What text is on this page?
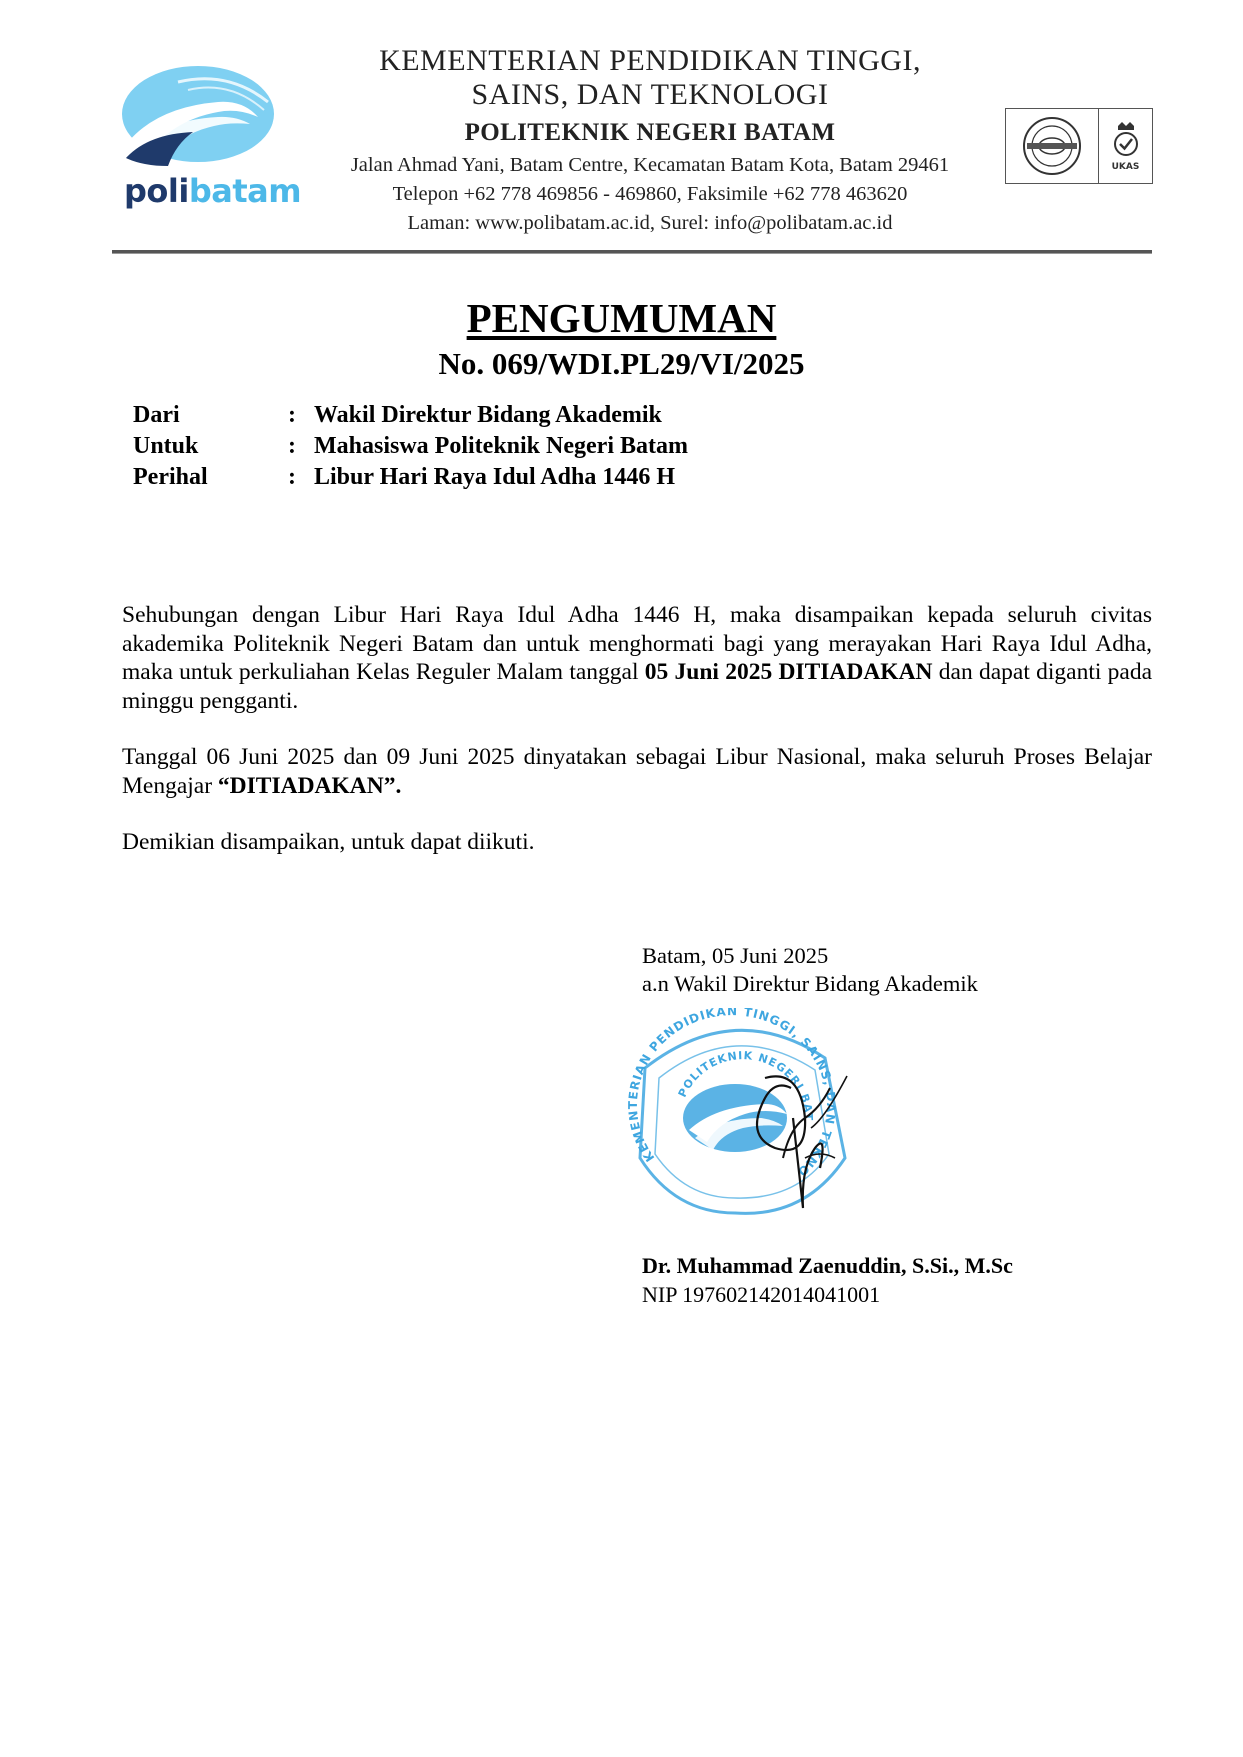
polibatam
KEMENTERIAN PENDIDIKAN TINGGI,
SAINS, DAN TEKNOLOGI
POLITEKNIK NEGERI BATAM
Jalan Ahmad Yani, Batam Centre, Kecamatan Batam Kota, Batam 29461
Telepon +62 778 469856 - 469860, Faksimile +62 778 463620
Laman: www.polibatam.ac.id, Surel: info@polibatam.ac.id
UKAS
PENGUMUMAN
No. 069/WDI.PL29/VI/2025
Dari	: Wakil Direktur Bidang Akademik
Untuk	: Mahasiswa Politeknik Negeri Batam
Perihal	: Libur Hari Raya Idul Adha 1446 H

Sehubungan dengan Libur Hari Raya Idul Adha 1446 H, maka disampaikan kepada seluruh civitas akademika Politeknik Negeri Batam dan untuk menghormati bagi yang merayakan Hari Raya Idul Adha, maka untuk perkuliahan Kelas Reguler Malam tanggal 05 Juni 2025 DITIADAKAN dan dapat diganti pada minggu pengganti.

Tanggal 06 Juni 2025 dan 09 Juni 2025 dinyatakan sebagai Libur Nasional, maka seluruh Proses Belajar Mengajar “DITIADAKAN”.

Demikian disampaikan, untuk dapat diikuti.

Batam, 05 Juni 2025
a.n Wakil Direktur Bidang Akademik
KEMENTERIAN PENDIDIKAN TINGGI, SAINS, DAN TEKNO
POLITEKNIK NEGERI BAT
Dr. Muhammad Zaenuddin, S.Si., M.Sc
NIP 197602142014041001
